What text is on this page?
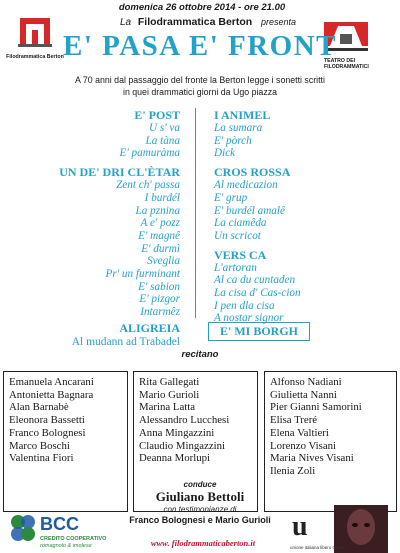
domenica 26 ottobre 2014 - ore 21.00
La Filodrammatica Berton presenta
Filodrammatica Berton
TEATRO DEI FILODRAMMATICI
E' PASA E' FRONT
A 70 anni dal passaggio del fronte la Berton legge i sonetti scritti
in quei drammatici giorni da Ugo piazza
E' POST
U s' va
La tàna
E' pamuràma
UN DE' DRI CL'ÈTAR
Zent ch' passa
I burdél
La pznina
A e' pozz
E' magnê
E' durmì
Sveglia
Pr' un furminant
E' sabion
E' pizgor
Intarmêz
I ANIMEL
La sumara
E' pòrch
Dick
CROS ROSSA
Al medicazion
E' grup
E' burdél amalê
La ciamêda
Un scricot
VERS CA
L'artoran
Al ca du cuntaden
La cisa d' Cas-cion
I pen dla cisa
A nostar signor
ALIGREIA
Al mudann ad Trabadel
E' MI BORGH
recitano
Emanuela Ancarani
Antonietta Bagnara
Alan Barnabè
Eleonora Bassetti
Franco Bolognesi
Marco Boschi
Valentina Fiori
Rita Gallegati
Mario Gurioli
Marina Latta
Alessandro Lucchesi
Anna Mingazzini
Claudio Mingazzini
Deanna Morlupi
Alfonso Nadiani
Giulietta Nanni
Pier Gianni Samorini
Elisa Treré
Elena Valtieri
Lorenzo Visani
Maria Nives Visani
Ilenia Zoli
conduce
Giuliano Bettoli
con testimonianze di
Franco Bolognesi e Mario Gurioli
www. filodrammaticaberton.it
BCC
CREDITO COOPERATIVO
romagnolo & imolese
u
unione italiana libero teatro
